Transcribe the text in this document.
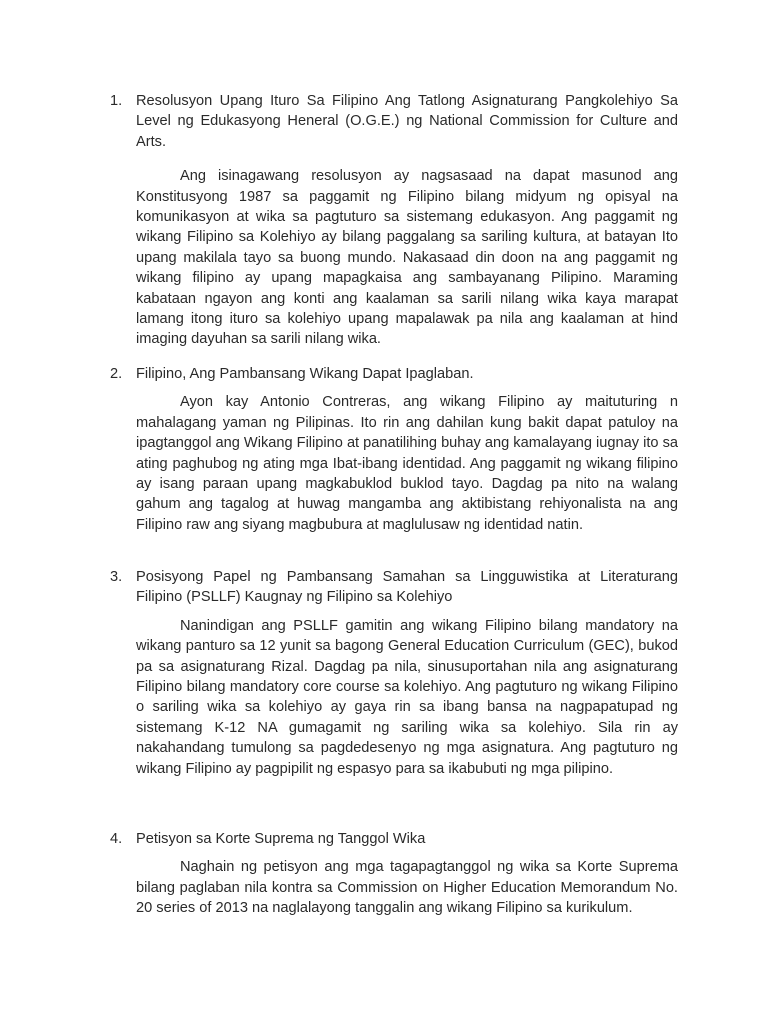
1. Resolusyon Upang Ituro Sa Filipino Ang Tatlong Asignaturang Pangkolehiyo Sa Level ng Edukasyong Heneral (O.G.E.) ng National Commission for Culture and Arts.

Ang isinagawang resolusyon ay nagsasaad na dapat masunod ang Konstitusyong 1987 sa paggamit ng Filipino bilang midyum ng opisyal na komunikasyon at wika sa pagtuturo sa sistemang edukasyon. Ang paggamit ng wikang Filipino sa Kolehiyo ay bilang paggalang sa sariling kultura, at batayan Ito upang makilala tayo sa buong mundo. Nakasaad din doon na ang paggamit ng wikang filipino ay upang mapagkaisa ang sambayanang Pilipino. Maraming kabataan ngayon ang konti ang kaalaman sa sarili nilang wika kaya marapat lamang itong ituro sa kolehiyo upang mapalawak pa nila ang kaalaman at hind imaging dayuhan sa sarili nilang wika.

2. Filipino, Ang Pambansang Wikang Dapat Ipaglaban.

Ayon kay Antonio Contreras, ang wikang Filipino ay maituturing n mahalagang yaman ng Pilipinas. Ito rin ang dahilan kung bakit dapat patuloy na ipagtanggol ang Wikang Filipino at panatilihing buhay ang kamalayang iugnay ito sa ating paghubog ng ating mga Ibat-ibang identidad. Ang paggamit ng wikang filipino ay isang paraan upang magkabuklod buklod tayo. Dagdag pa nito na walang gahum ang tagalog at huwag mangamba ang aktibistang rehiyonalista na ang Filipino raw ang siyang magbubura at maglulusaw ng identidad natin.

3. Posisyong Papel ng Pambansang Samahan sa Lingguwistika at Literaturang Filipino (PSLLF) Kaugnay ng Filipino sa Kolehiyo

Nanindigan ang PSLLF gamitin ang wikang Filipino bilang mandatory na wikang panturo sa 12 yunit sa bagong General Education Curriculum (GEC), bukod pa sa asignaturang Rizal. Dagdag pa nila, sinusuportahan nila ang asignaturang Filipino bilang mandatory core course sa kolehiyo. Ang pagtuturo ng wikang Filipino o sariling wika sa kolehiyo ay gaya rin sa ibang bansa na nagpapatupad ng sistemang K-12 NA gumagamit ng sariling wika sa kolehiyo. Sila rin ay nakahandang tumulong sa pagdedesenyo ng mga asignatura. Ang pagtuturo ng wikang Filipino ay pagpipilit ng espasyo para sa ikabubuti ng mga pilipino.

4. Petisyon sa Korte Suprema ng Tanggol Wika

Naghain ng petisyon ang mga tagapagtanggol ng wika sa Korte Suprema bilang paglaban nila kontra sa Commission on Higher Education Memorandum No. 20 series of 2013 na naglalayong tanggalin ang wikang Filipino sa kurikulum.
